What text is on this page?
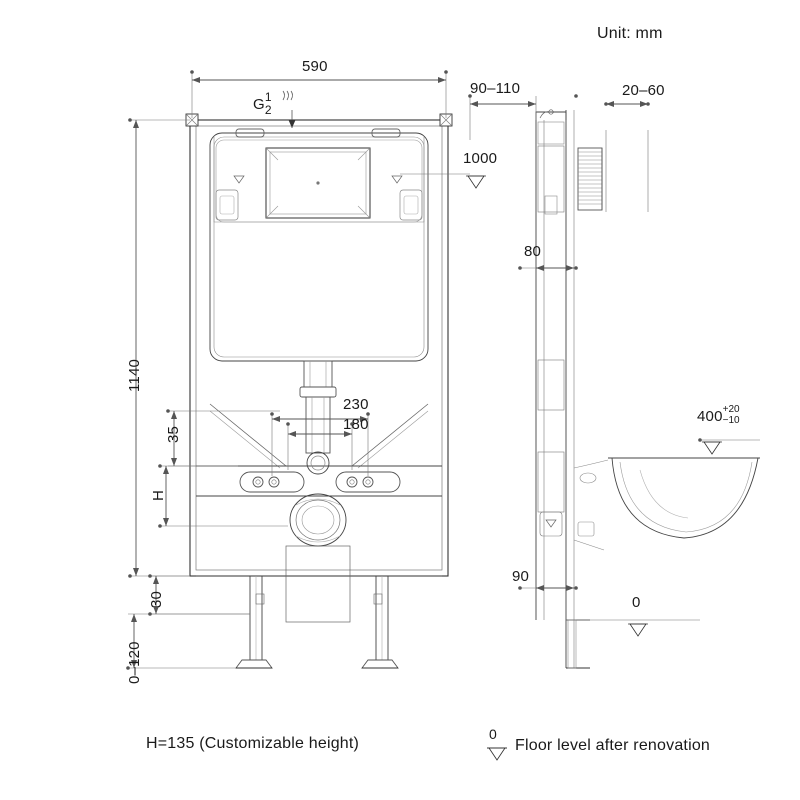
Unit: mm
590
1140
1000
90–110	20–60
80
230
180
35
H
30
0–120
90
0
400 +20
−10
G 1
2
H=135 (Customizable height)
0
Floor level after renovation
